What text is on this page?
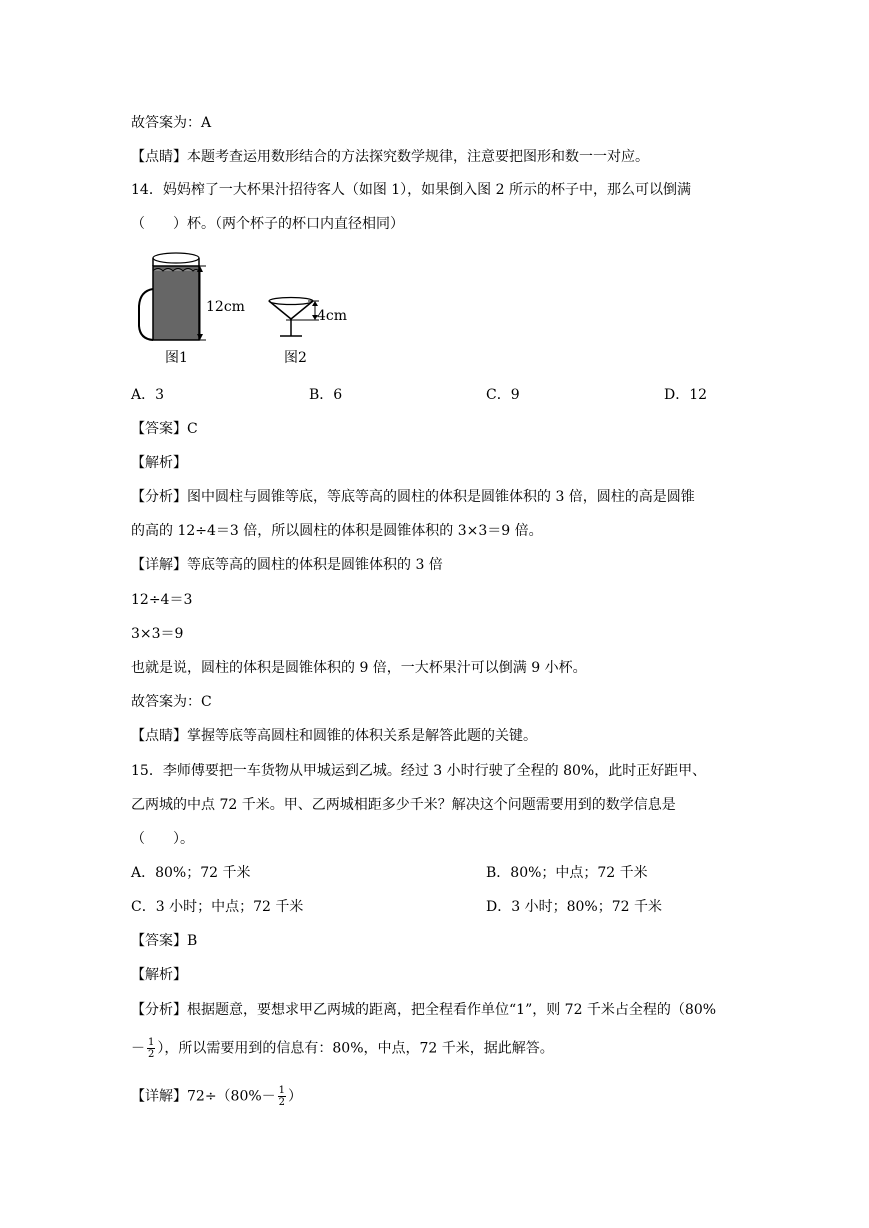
故答案为：A
【点睛】本题考查运用数形结合的方法探究数学规律，注意要把图形和数一一对应。
14．妈妈榨了一大杯果汁招待客人（如图 1），如果倒入图 2 所示的杯子中，那么可以倒满
（　　）杯。（两个杯子的杯口内直径相同）
12cm
图1
4cm
图2
A．3	B．6	C．9	D．12
【答案】C
【解析】
【分析】图中圆柱与圆锥等底，等底等高的圆柱的体积是圆锥体积的 3 倍，圆柱的高是圆锥
的高的 12÷4＝3 倍，所以圆柱的体积是圆锥体积的 3×3＝9 倍。
【详解】等底等高的圆柱的体积是圆锥体积的 3 倍
12÷4＝3
3×3＝9
也就是说，圆柱的体积是圆锥体积的 9 倍，一大杯果汁可以倒满 9 小杯。
故答案为：C
【点睛】掌握等底等高圆柱和圆锥的体积关系是解答此题的关键。
15．李师傅要把一车货物从甲城运到乙城。经过 3 小时行驶了全程的 80%，此时正好距甲、
乙两城的中点 72 千米。甲、乙两城相距多少千米？解决这个问题需要用到的数学信息是
（　　）。
A．80%；72 千米	B．80%；中点；72 千米
C．3 小时；中点；72 千米	D．3 小时；80%；72 千米
【答案】B
【解析】
【分析】根据题意，要想求甲乙两城的距离，把全程看作单位“1”，则 72 千米占全程的（80%
－ $\frac{1}{2}$ ），所以需要用到的信息有：80%，中点，72 千米，据此解答。
【详解】$72\div(80\%- \frac{1}{2}$ ）
